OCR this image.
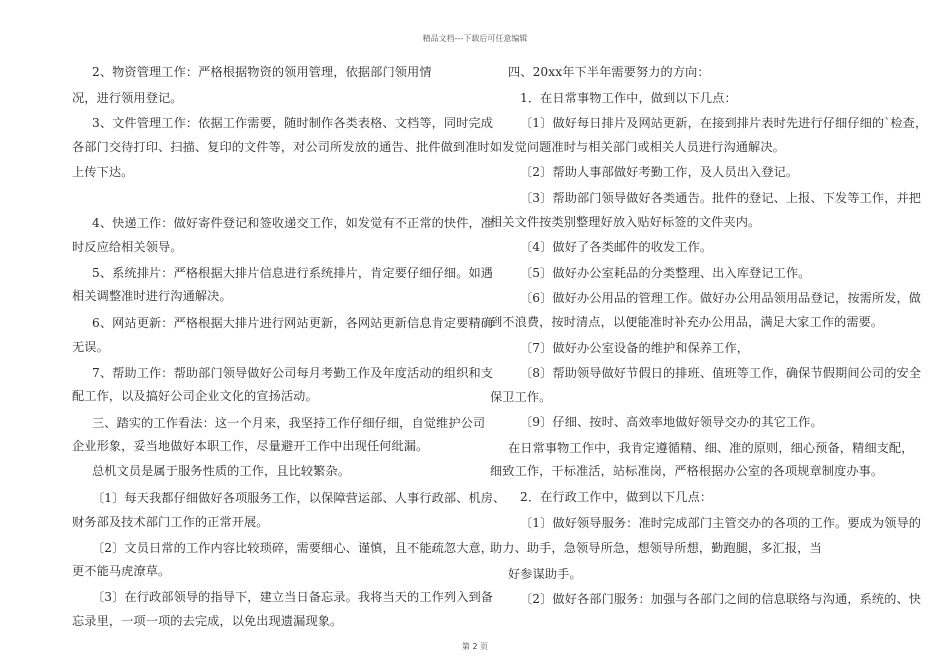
精品文档---下载后可任意编辑
2、物资管理工作：严格根据物资的领用管理，依据部门领用情
况，进行领用登记。
3、文件管理工作：依据工作需要，随时制作各类表格、文档等，同时完成
各部门交待打印、扫描、复印的文件等，对公司所发放的通告、批件做到准时
上传下达。
4、快递工作：做好寄件登记和签收递交工作，如发觉有不正常的快件，准
时反应给相关领导。
5、系统排片：严格根据大排片信息进行系统排片，肯定要仔细仔细。如遇
相关调整准时进行沟通解决。
6、网站更新：严格根据大排片进行网站更新，各网站更新信息肯定要精确
无误。
7、帮助工作：帮助部门领导做好公司每月考勤工作及年度活动的组织和支
配工作，以及搞好公司企业文化的宣扬活动。
三、踏实的工作看法：这一个月来，我坚持工作仔细仔细，自觉维护公司
企业形象，妥当地做好本职工作，尽量避开工作中出现任何纰漏。
总机文员是属于服务性质的工作，且比较繁杂。
〔1〕每天我都仔细做好各项服务工作，以保障营运部、人事行政部、机房、
财务部及技术部门工作的正常开展。
〔2〕文员日常的工作内容比较琐碎，需要细心、谨慎，且不能疏忽大意，
更不能马虎潦草。
〔3〕在行政部领导的指导下，建立当日备忘录。我将当天的工作列入到备
忘录里，一项一项的去完成，以免出现遗漏现象。
四、20xx年下半年需要努力的方向：
1．在日常事物工作中，做到以下几点：
〔1〕做好每日排片及网站更新，在接到排片表时先进行仔细仔细的`检查，
如发觉问题准时与相关部门或相关人员进行沟通解决。
〔2〕帮助人事部做好考勤工作，及人员出入登记。
〔3〕帮助部门领导做好各类通告。批件的登记、上报、下发等工作，并把
相关文件按类别整理好放入贴好标签的文件夹内。
〔4〕做好了各类邮件的收发工作。
〔5〕做好办公室耗品的分类整理、出入库登记工作。
〔6〕做好办公用品的管理工作。做好办公用品领用品登记，按需所发，做
到不浪费，按时清点，以便能准时补充办公用品，满足大家工作的需要。
〔7〕做好办公室设备的维护和保养工作，
〔8〕帮助领导做好节假日的排班、值班等工作，确保节假期间公司的安全
保卫工作。
〔9〕仔细、按时、高效率地做好领导交办的其它工作。
在日常事物工作中，我肯定遵循精、细、准的原则，细心预备，精细支配，
细致工作，干标准活，站标准岗，严格根据办公室的各项规章制度办事。
2．在行政工作中，做到以下几点：
〔1〕做好领导服务：准时完成部门主管交办的各项的工作。要成为领导的
助力、助手，急领导所急，想领导所想，勤跑腿，多汇报，当
好参谋助手。
〔2〕做好各部门服务：加强与各部门之间的信息联络与沟通，系统的、快
第 2 页
